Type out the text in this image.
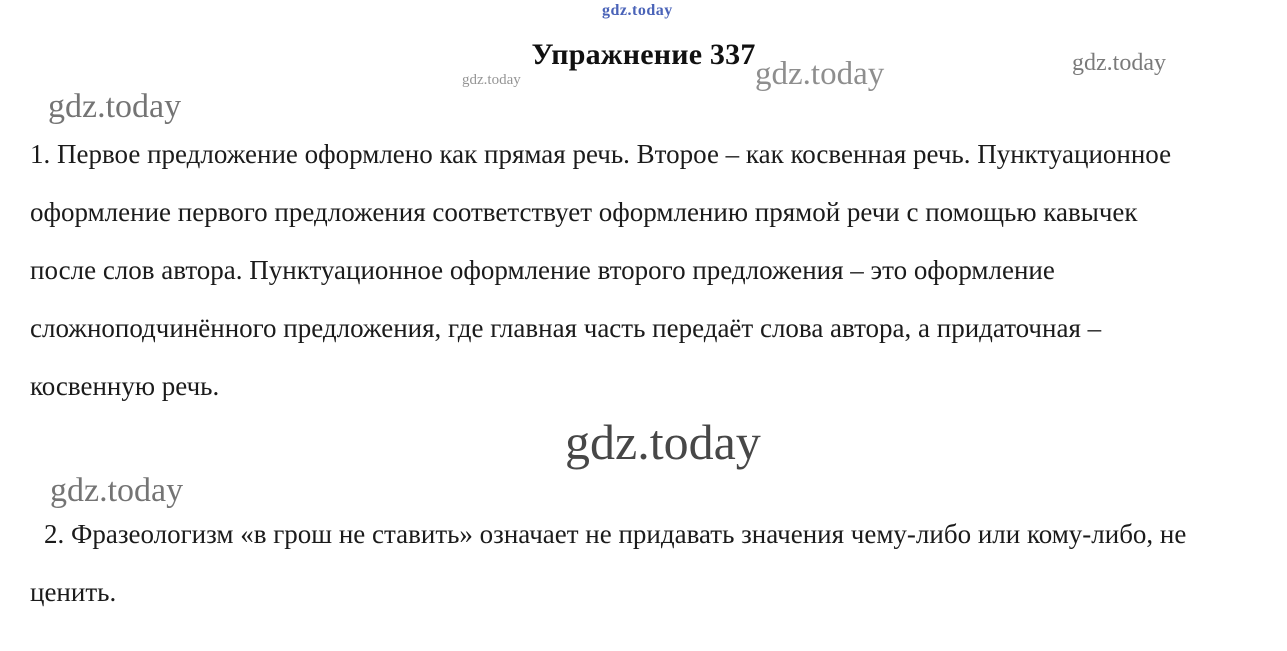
gdz.today
Упражнение 337
gdz.today	gdz.today	gdz.today
gdz.today
1. Первое предложение оформлено как прямая речь. Второе – как косвенная речь. Пунктуационное оформление первого предложения соответствует оформлению прямой речи с помощью кавычек после слов автора. Пунктуационное оформление второго предложения – это оформление сложноподчинённого предложения, где главная часть передаёт слова автора, а придаточная – косвенную речь.
gdz.today
gdz.today
2. Фразеологизм «в грош не ставить» означает не придавать значения чему-либо или кому-либо, не ценить.
